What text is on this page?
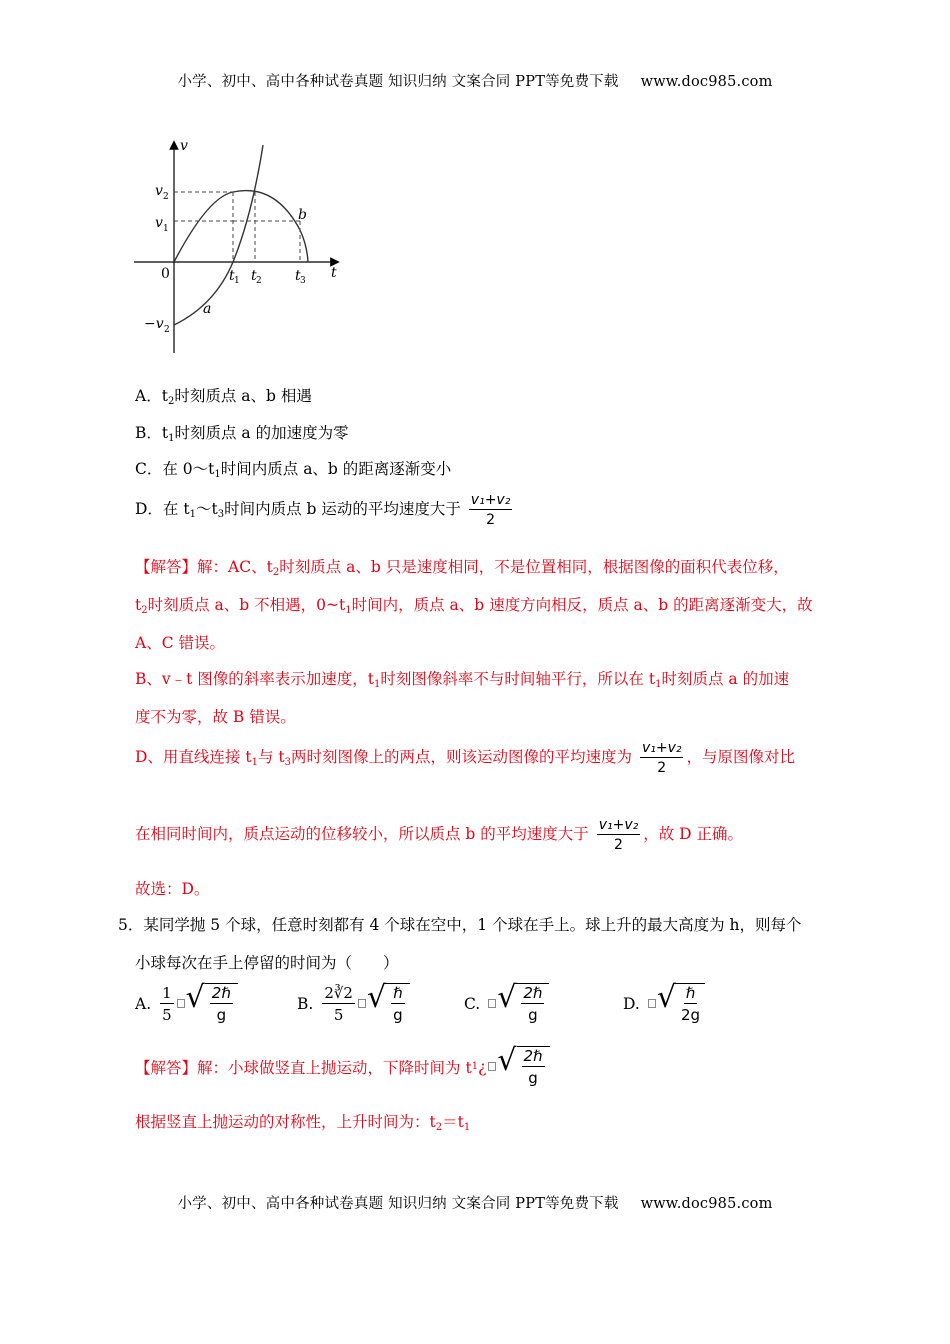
小学、初中、高中各种试卷真题 知识归纳 文案合同 PPT等免费下载 www.doc985.com
v
t
b
a
v
v
−v
t t	t
2
1
2
1 2	3
0
A．$t_2$时刻质点 a、b 相遇
B．$t_1$时刻质点 a 的加速度为零
C．在 $0\sim t_1$时间内质点 a、b 的距离逐渐变小
D．在 $t_1\sim t_3$时间内质点 b 运动的平均速度大于 $\frac{\text{v₁+v₂}}{2}$
【解答】解：AC、$t_2$时刻质点 a、b 只是速度相同，不是位置相同，根据图像的面积代表位移，
$t_2$时刻质点 a、b 不相遇，$0\sim t_1$时间内，质点 a、b 速度方向相反，质点 a、b 的距离逐渐变大，故
A、C 错误。
B、v﹣t 图像的斜率表示加速度，$t_1$时刻图像斜率不与时间轴平行，所以在 $t_1$时刻质点 a 的加速
度不为零，故 B 错误。
D、用直线连接 $t_1$与 $t_3$两时刻图像上的两点，则该运动图像的平均速度为 $\frac{\text{v₁+v₂}}{2}$ ，与原图像对比
在相同时间内，质点运动的位移较小，所以质点 b 的平均速度大于 $\frac{\text{v₁+v₂}}{2}$ ，故 D 正确。
故选：D。
5．某同学抛 5 个球，任意时刻都有 4 个球在空中，1 个球在手上。球上升的最大高度为 h，则每个
小球每次在手上停留的时间为（　　）
A. $\frac{1}{5}$ √ $\frac{\text{2ℏ}}{g}$	B. $\frac{2∛2}{5}$ √ $\frac{\text{ℏ}}{g}$	C. √ $\frac{\text{2ℏ}}{g}$	D. √ $\frac{\text{ℏ}}{2g}$
【解答】 解：小球做竖直上抛运动，下降时间为 t 1 ¿ √ $\frac{\text{2ℏ}}{g}$
根据竖直上抛运动的对称性，上升时间为：$t_2=t_1$
小学、初中、高中各种试卷真题 知识归纳 文案合同 PPT等免费下载 www.doc985.com
